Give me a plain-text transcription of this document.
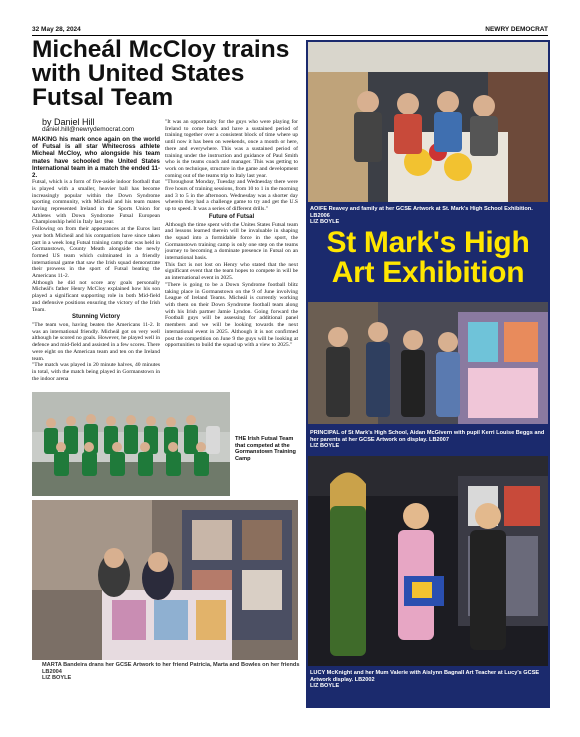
32 May 28, 2024	NEWRY DEMOCRAT
Micheál McCloy trains with United States Futsal Team
by Daniel Hill
daniel.hill@newrydemocrat.com

MAKING his mark once again on the world of Futsal is all star Whitecross athlete Micheal McCloy, who alongside his team mates have schooled the United States International team in a match the ended 11-2.

Futsal, which is a form of five-aside indoor football that is played with a smaller, heavier ball has become increasingly popular within the Down Syndrome sporting community, with Micheál and his team mates having represented Ireland in the Sports Union for Athletes with Down Syndrome Futsal European Championship held in Italy last year.

Following on from their appearances at the Euros last year both Micheál and his compatriots have since taken part in a week long Futsal training camp that was held in Gormanstown, County Meath alongside the newly formed US team which culminated in a friendly international game that saw the Irish squad demonstrate their prowess in the sport of Futsal beating the Americans 11-2.

Although he did not score any goals personally Micheál's father Henry McCloy explained how his son played a significant supporting role in both Mid-field and defensive positions ensuring the victory of the Irish Team.

Stunning Victory

"The team won, having beaten the Americans 11-2. It was an international friendly. Micheál got on very well although he scored no goals. However, he played well in defence and mid-field and assisted in a few scores. There were eight on the American team and ten on the Ireland team.

"The match was played in 20 minute halves, 40 minutes in total, with the match being played in Gormanstown in the indoor arena

"It was an opportunity for the guys who were playing for Ireland to come back and have a sustained period of training together over a consistent block of time where up until now it has been on weekends, once a month or here, there and everywhere. This was a sustained period of training under the instruction and guidance of Paul Smith who is the teams coach and manager. This was getting to work on technique, structure in the game and development coming out of the teams trip to Italy last year.

"Throughout Monday, Tuesday and Wednesday there were five hours of training sessions, from 10 to 1 in the morning and 3 to 5 in the afternoon. Wednesday was a shorter day wherein they had a challenge game to try and get the U.S up to speed. It was a series of different drills."

Future of Futsal

Although the time spent with the Unites States Futsal team and lessons learned therein will be invaluable in shaping the squad into a formidable force in the sport, the Gormanstown training camp is only one step on the teams journey to becoming a dominate presence in Futsal on an international basis.

This fact is not lost on Henry who stated that the next significant event that the team hopes to compete in will be an international event in 2025.

"There is going to be a Down Syndrome football blitz taking place in Gormanstown on the 9 of June involving League of Ireland Teams. Micheál is currently working with them on their Down Syndrome football team along with his Irish partner Jamie Lyndon. Going forward the Football guys will be assessing for additional panel members and we will be looking towards the next international event in 2025. Although it is not confirmed post the competition on June 9 the guys will be looking at opportunities to build the squad up with a view to 2025."

THE Irish Futsal Team that competed at the Gormanstown Training Camp
MARTA Bandeira drans her GCSE Artwork to her friend Patricia, Marta and Bowles on her friends LB2004
LIZ BOYLE
AOIFE Reavey and family at her GCSE Artwork at St. Mark's High School Exhibition. LB2006
LIZ BOYLE
St Mark's High
Art Exhibition
PRINCIPAL of St Mark's High School, Aidan McGivern with pupil Kerri Louise Beggs and her parents at her GCSE Artwork on display. LB2007
LIZ BOYLE
LUCY McKnight and her Mum Valerie with Aislynn Bagnall Art Teacher at Lucy's GCSE Artwork display. LB2002
LIZ BOYLE
